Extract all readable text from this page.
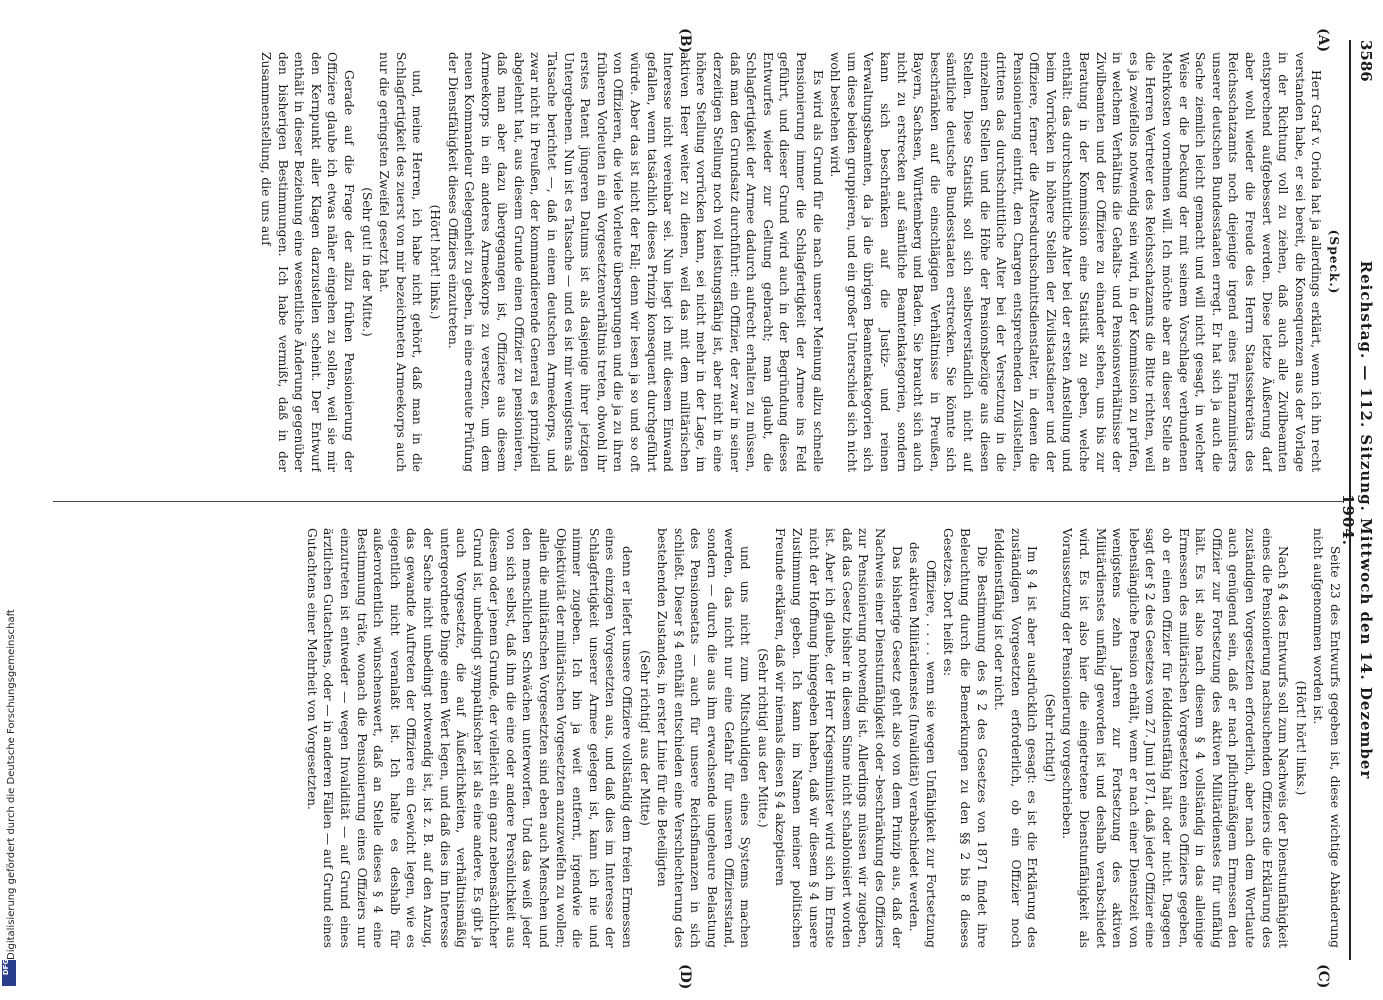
3586
Reichstag. — 112. Sitzung. Mittwoch den 14. Dezember 1904.
(A)
(B)
(C)
(D)

(Speck.)

Herr Graf v. Oriola hat ja allerdings erklärt, wenn ich ihn recht verstanden habe, er sei bereit, die Konsequenzen aus der Vorlage in der Richtung voll zu ziehen, daß auch alle Zivilbeamten entsprechend aufgebessert werden. Diese letzte Äußerung darf aber wohl wieder die Freude des Herrn Staatssekretärs des Reichsschatzamts noch diejenige irgend eines Finanzministers unserer deutschen Bundesstaaten erregt. Er hat sich ja auch die Sache ziemlich leicht gemacht und will nicht gesagt, in welcher Weise er die Deckung der mit seinem Vorschlage verbundenen Mehrkosten vornehmen will. Ich möchte aber an dieser Stelle an die Herren Vertreter des Reichsschatzamts die Bitte richten, weil es ja zweifellos notwendig sein wird, in der Kommission zu prüfen, in welchem Verhältnis die Gehalts- und Pensionsverhältnisse der Zivilbeamten und der Offiziere zu einander stehen, uns bis zur Beratung in der Kommission eine Statistik zu geben, welche enthält: das durchschnittliche Alter bei der ersten Anstellung und beim Vorrücken in höhere Stellen der Zivilstaatsdiener und der Offiziere, ferner die Altersdurchschnittsdienstalter, in denen die Pensionierung eintritt, den Chargen entsprechenden Zivilstellen, drittens das durchschnittliche Alter bei der Versetzung in die einzelnen Stellen und die Höhe der Pensionsbezüge aus diesen Stellen. Diese Statistik soll sich selbstverständlich nicht auf sämtliche deutsche Bundesstaaten erstrecken. Sie könnte sich beschränken auf die einschlägigen Verhältnisse in Preußen, Bayern, Sachsen, Württemberg und Baden. Sie braucht sich auch nicht zu erstrecken auf sämtliche Beamtenkategorien, sondern kann sich beschränken auf die Justiz- und reinen Verwaltungsbeamten, da ja die übrigen Beamtenkategorien sich um diese beiden gruppieren, und ein großer Unterschied sich nicht wohl bestehen wird.

Es wird als Grund für die nach unserer Meinung allzu schnelle Pensionierung immer die Schlagfertigkeit der Armee ins Feld geführt, und dieser Grund wird auch in der Begründung dieses Entwurfes wieder zur Geltung gebracht; man glaubt, die Schlagfertigkeit der Armee dadurch aufrecht erhalten zu müssen, daß man den Grundsatz durchführt: ein Offizier, der zwar in seiner derzeitigen Stellung noch voll leistungsfähig ist, aber nicht in eine höhere Stellung vorrücken kann, sei nicht mehr in der Lage, im aktiven Heer weiter zu dienen, weil das mit dem militärischen Interesse nicht vereinbar sei. Nun liegt ich mit diesem Einwand gefallen, wenn tatsächlich dieses Prinzip konsequent durchgeführt würde. Aber das ist nicht der Fall; denn wir lesen ja so und so oft von Offizieren, die viele Vorleute übersprungen und die ja zu ihren früheren Vorleuten in ein Vorgesetztenverhältnis treten, obwohl ihr erstes Patent jüngeren Datums ist als dasjenige ihrer jetzigen Untergebenen. Nun ist es Tatsache — und es ist mir wenigstens als Tatsache berichtet —, daß in einem deutschen Armeekorps, und zwar nicht in Preußen, der kommandierende General es prinzipiell abgelehnt hat, aus diesem Grunde einen Offizier zu pensionieren, daß man aber dazu übergegangen ist, Offiziere aus diesem Armeekorps in ein anderes Armeekorps zu versetzen, um dem neuen Kommandeur Gelegenheit zu geben, in eine erneute Prüfung der Dienstfähigkeit dieses Offiziers einzutreten.

(Hört! hört! links.)

und, meine Herren, ich habe nicht gehört, daß man in die Schlagfertigkeit des zuerst von mir bezeichneten Armeekorps auch nur die geringsten Zweifel gesetzt hat.

(Sehr gut! in der Mitte.)

Gerade auf die Frage der allzu frühen Pensionierung der Offiziere glaube ich etwas näher eingehen zu sollen, weil sie mir den Kernpunkt aller Klagen darzustellen scheint. Der Entwurf enthält in dieser Beziehung eine wesentliche Änderung gegenüber den bisherigen Bestimmungen. Ich habe vermißt, daß in der Zusammenstellung, die uns auf

Seite 23 des Entwurfs gegeben ist, diese wichtige Abänderung nicht aufgenommen worden ist.

(Hört! hört! links.)

Nach § 4 des Entwurfs soll zum Nachweis der Dienstunfähigkeit eines die Pensionierung nachsuchenden Offiziers die Erklärung des zuständigen Vorgesetzten erforderlich, aber nach dem Wortlaute auch genügend sein, daß er nach pflichtmäßigem Ermessen den Offizier zur Fortsetzung des aktiven Militärdienstes für unfähig hält. Es ist also nach diesem § 4 vollständig in das alleinige Ermessen des militärischen Vorgesetzten eines Offiziers gegeben, ob er einen Offizier für felddienstfähig hält oder nicht. Dagegen sagt der § 2 des Gesetzes vom 27. Juni 1871, daß jeder Offizier eine lebenslängliche Pension erhält, wenn er nach einer Dienstzeit von wenigstens zehn Jahren zur Fortsetzung des aktiven Militärdienstes unfähig geworden ist und deshalb verabschiedet wird. Es ist also hier die eingetretene Dienstunfähigkeit als Voraussetzung der Pensionierung vorgeschrieben.

(Sehr richtig!)

Im § 4 ist aber ausdrücklich gesagt: es ist die Erklärung des zuständigen Vorgesetzten erforderlich, ob ein Offizier noch felddienstfähig ist oder nicht.

Die Bestimmung des § 2 des Gesetzes von 1871 findet ihre Beleuchtung durch die Bemerkungen zu den §§ 2 bis 8 dieses Gesetzes. Dort heißt es:

Offiziere, . . . . wenn sie wegen Unfähigkeit zur Fortsetzung des aktiven Militärdienstes (Invalidität) verabschiedet werden.

Das bisherige Gesetz geht also von dem Prinzip aus, daß der Nachweis einer Dienstunfähigkeit oder -beschränkung des Offiziers zur Pensionierung notwendig ist. Allerdings müssen wir zugeben, daß das Gesetz bisher in diesem Sinne nicht schablonisiert worden ist. Aber ich glaube, der Herr Kriegsminister wird sich im Ernste nicht der Hoffnung hingegeben haben, daß wir diesem § 4 unsere Zustimmung geben. Ich kann im Namen meiner politischen Freunde erklären, daß wir niemals diesen § 4 akzeptieren

(Sehr richtig! aus der Mitte.)

und uns nicht zum Mitschuldigen eines Systems machen werden, das nicht nur eine Gefahr für unseren Offiziersstand, sondern — durch die aus ihm erwachsende ungeheure Belastung des Pensionsetats — auch für unsere Reichsfinanzen in sich schließt. Dieser § 4 enthält entschieden eine Verschlechterung des bestehenden Zustandes, in erster Linie für die Beteiligten

(Sehr richtig! aus der Mitte)

denn er liefert unsere Offiziere vollständig dem freien Ermessen eines einzigen Vorgesetzten aus, und daß dies im Interesse der Schlagfertigkeit unserer Armee gelegen ist, kann ich nie und nimmer zugeben. Ich bin ja weit entfernt, irgendwie die Objektivität der militärischen Vorgesetzten anzuzweifeln zu wollen; allein die militärischen Vorgesetzten sind eben auch Menschen und den menschlichen Schwächen unterworfen. Und das weiß jeder von sich selbst, daß ihm die eine oder andere Persönlichkeit aus diesem oder jenem Grunde, der vielleicht ein ganz nebensächlicher Grund ist, unbedingt sympathischer ist als eine andere. Es gibt ja auch Vorgesetzte, die auf Äußerlichkeiten, verhältnismäßig untergeordnete Dinge einen Wert legen, und daß dies im Interesse der Sache nicht unbedingt notwendig ist, ist z. B. auf den Anzug, das gewandte Auftreten der Offiziere ein Gewicht legen, wie es eigentlich nicht veranlaßt ist. Ich halte es deshalb für außerordentlich wünschenswert, daß an Stelle dieses § 4 eine Bestimmung träte, wonach die Pensionierung eines Offiziers nur einzutreten ist entweder — wegen Invalidität — auf Grund eines ärztlichen Gutachtens, oder — in anderen Fällen — auf Grund eines Gutachtens einer Mehrheit von Vorgesetzten.

Digitalisierung gefördert durch die Deutsche Forschungsgemeinschaft
DFG
